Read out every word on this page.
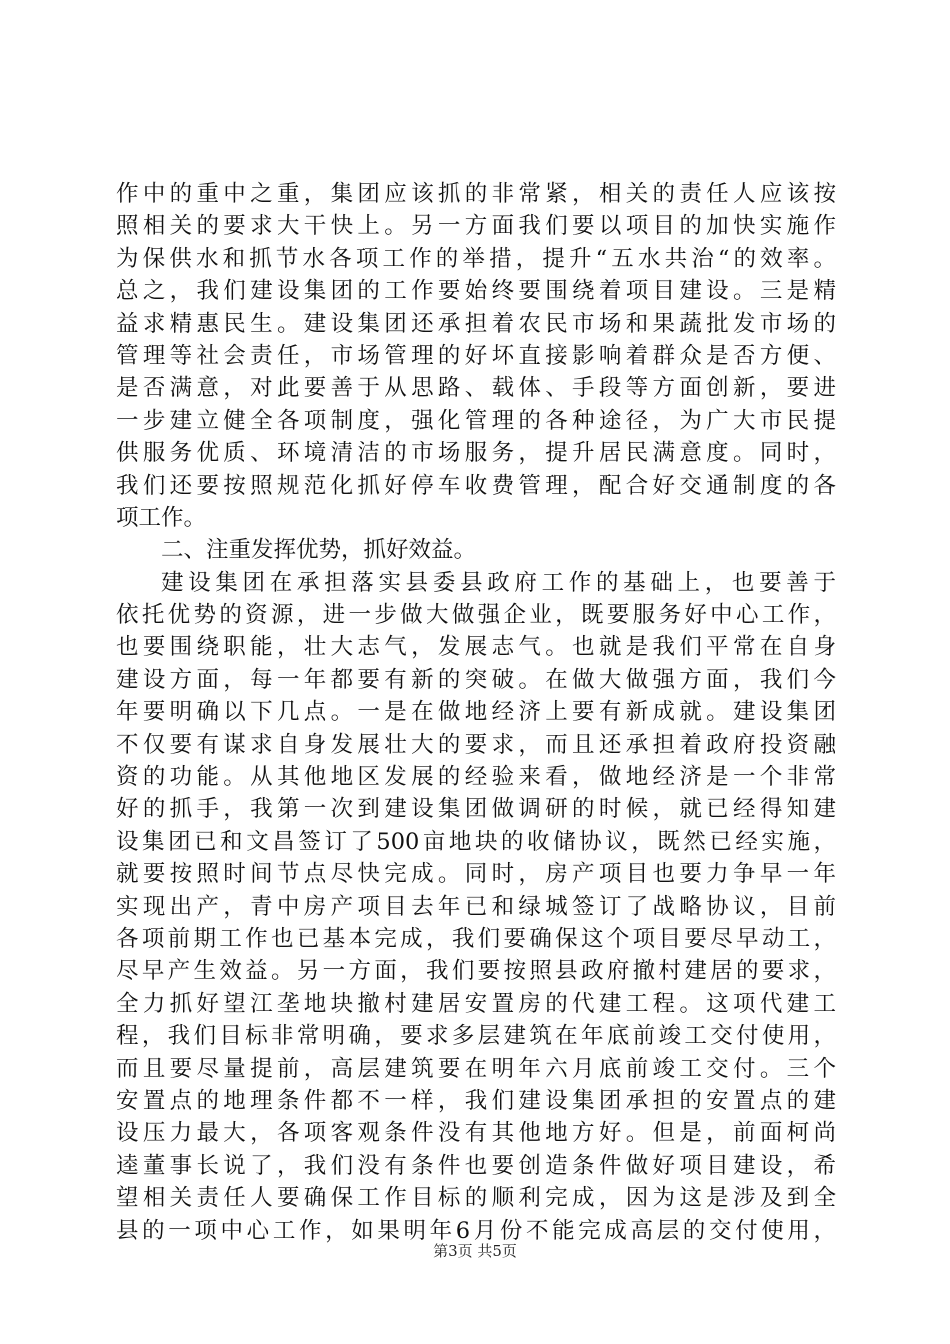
作中的重中之重，集团应该抓的非常紧，相关的责任人应该按
照相关的要求大干快上。另一方面我们要以项目的加快实施作
为保供水和抓节水各项工作的举措，提升“五水共治“的效率。
总之，我们建设集团的工作要始终要围绕着项目建设。三是精
益求精惠民生。建设集团还承担着农民市场和果蔬批发市场的
管理等社会责任，市场管理的好坏直接影响着群众是否方便、
是否满意，对此要善于从思路、载体、手段等方面创新，要进
一步建立健全各项制度，强化管理的各种途径，为广大市民提
供服务优质、环境清洁的市场服务，提升居民满意度。同时，
我们还要按照规范化抓好停车收费管理，配合好交通制度的各
项工作。
二、注重发挥优势，抓好效益。
建设集团在承担落实县委县政府工作的基础上，也要善于
依托优势的资源，进一步做大做强企业，既要服务好中心工作，
也要围绕职能，壮大志气，发展志气。也就是我们平常在自身
建设方面，每一年都要有新的突破。在做大做强方面，我们今
年要明确以下几点。一是在做地经济上要有新成就。建设集团
不仅要有谋求自身发展壮大的要求，而且还承担着政府投资融
资的功能。从其他地区发展的经验来看，做地经济是一个非常
好的抓手，我第一次到建设集团做调研的时候，就已经得知建
设集团已和文昌签订了500亩地块的收储协议，既然已经实施，
就要按照时间节点尽快完成。同时，房产项目也要力争早一年
实现出产，青中房产项目去年已和绿城签订了战略协议，目前
各项前期工作也已基本完成，我们要确保这个项目要尽早动工，
尽早产生效益。另一方面，我们要按照县政府撤村建居的要求，
全力抓好望江垄地块撤村建居安置房的代建工程。这项代建工
程，我们目标非常明确，要求多层建筑在年底前竣工交付使用，
而且要尽量提前，高层建筑要在明年六月底前竣工交付。三个
安置点的地理条件都不一样，我们建设集团承担的安置点的建
设压力最大，各项客观条件没有其他地方好。但是，前面柯尚
逵董事长说了，我们没有条件也要创造条件做好项目建设，希
望相关责任人要确保工作目标的顺利完成，因为这是涉及到全
县的一项中心工作，如果明年6月份不能完成高层的交付使用，
第3页 共5页
